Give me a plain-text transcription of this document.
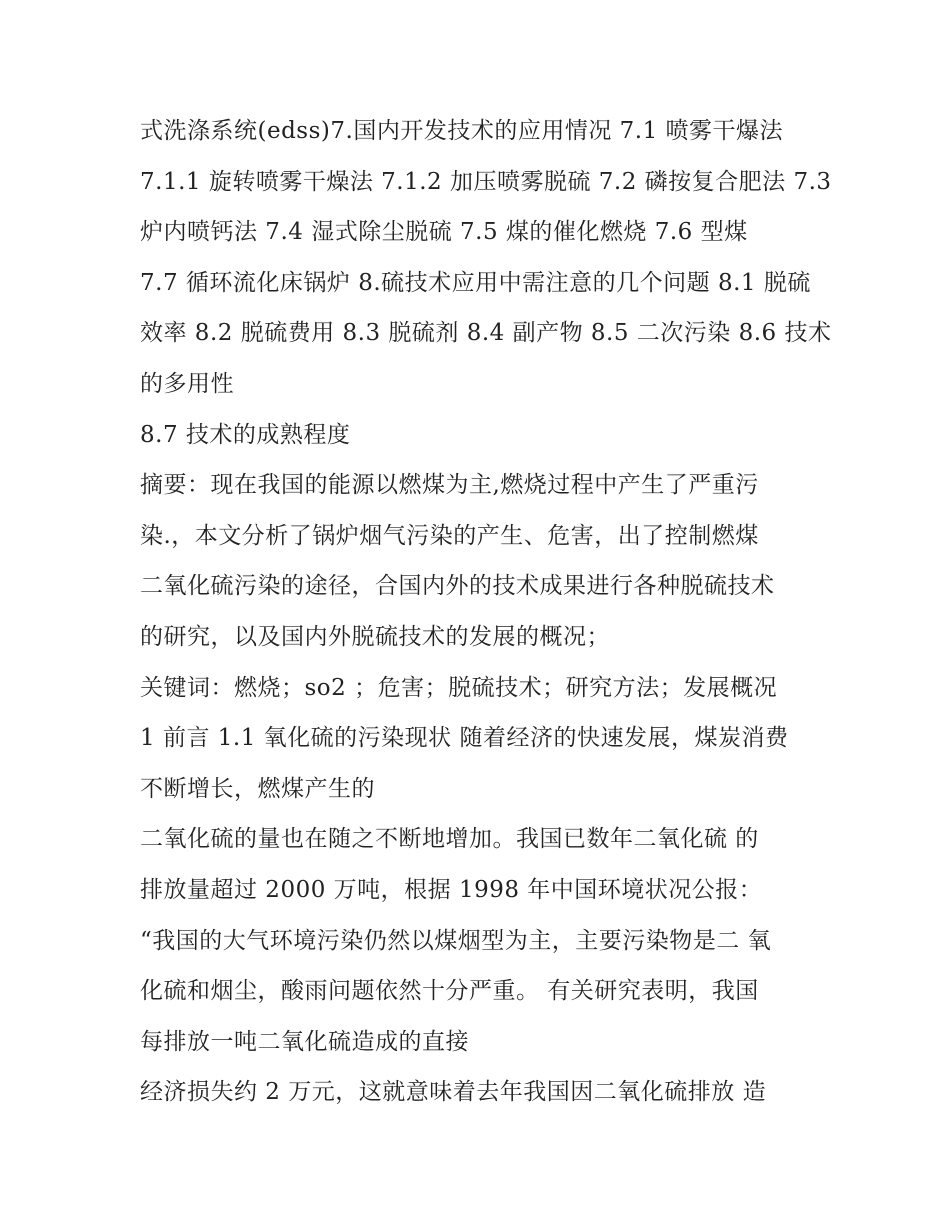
式洗涤系统(edss)7.国内开发技术的应用情况 7.1 喷雾干爆法
7.1.1 旋转喷雾干燥法 7.1.2 加压喷雾脱硫 7.2 磷按复合肥法 7.3
炉内喷钙法 7.4 湿式除尘脱硫 7.5 煤的催化燃烧 7.6 型煤
7.7 循环流化床锅炉 8.硫技术应用中需注意的几个问题 8.1 脱硫
效率 8.2 脱硫费用 8.3 脱硫剂 8.4 副产物 8.5 二次污染 8.6 技术
的多用性
8.7 技术的成熟程度
摘要：现在我国的能源以燃煤为主,燃烧过程中产生了严重污
染.，本文分析了锅炉烟气污染的产生、危害，出了控制燃煤
二氧化硫污染的途径，合国内外的技术成果进行各种脱硫技术
的研究，以及国内外脱硫技术的发展的概况；
关键词：燃烧；so2 ；危害；脱硫技术；研究方法；发展概况
1 前言 1.1 氧化硫的污染现状 随着经济的快速发展，煤炭消费
不断增长，燃煤产生的
二氧化硫的量也在随之不断地增加。我国已数年二氧化硫 的
排放量超过 2000 万吨，根据 1998 年中国环境状况公报：
“我国的大气环境污染仍然以煤烟型为主，主要污染物是二 氧
化硫和烟尘，酸雨问题依然十分严重。 有关研究表明，我国
每排放一吨二氧化硫造成的直接
经济损失约 2 万元，这就意味着去年我国因二氧化硫排放 造
